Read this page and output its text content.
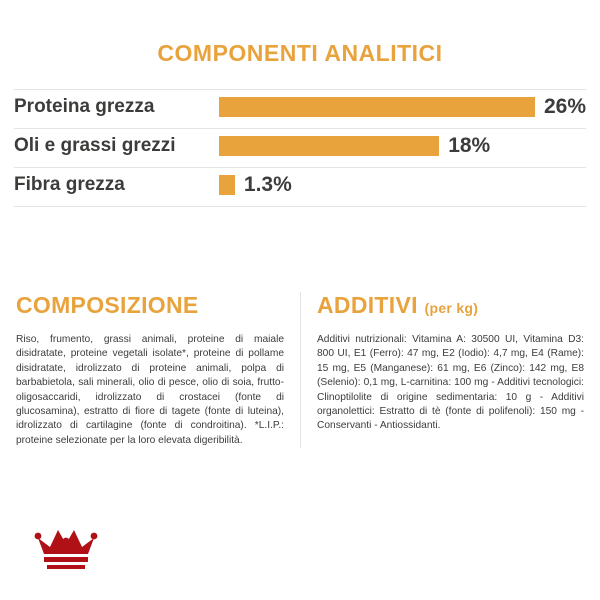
COMPONENTI ANALITICI
Proteina grezza	26%
Oli e grassi grezzi	18%
Fibra grezza	1.3%
COMPOSIZIONE
Riso, frumento, grassi animali, proteine di maiale disidratate, proteine vegetali isolate*, proteine di pollame disidratate, idrolizzato di proteine animali, polpa di barbabietola, sali minerali, olio di pesce, olio di soia, frutto-oligosaccaridi, idrolizzato di crostacei (fonte di glucosamina), estratto di fiore di tagete (fonte di luteina), idrolizzato di cartilagine (fonte di condroitina). *L.I.P.: proteine selezionate per la loro elevata digeribilità.
ADDITIVI (per kg)
Additivi nutrizionali: Vitamina A: 30500 UI, Vitamina D3: 800 UI, E1 (Ferro): 47 mg, E2 (Iodio): 4,7 mg, E4 (Rame): 15 mg, E5 (Manganese): 61 mg, E6 (Zinco): 142 mg, E8 (Selenio): 0,1 mg, L-carnitina: 100 mg - Additivi tecnologici: Clinoptilolite di origine sedimentaria: 10 g - Additivi organolettici: Estratto di tè (fonte di polifenoli): 150 mg - Conservanti - Antiossidanti.
